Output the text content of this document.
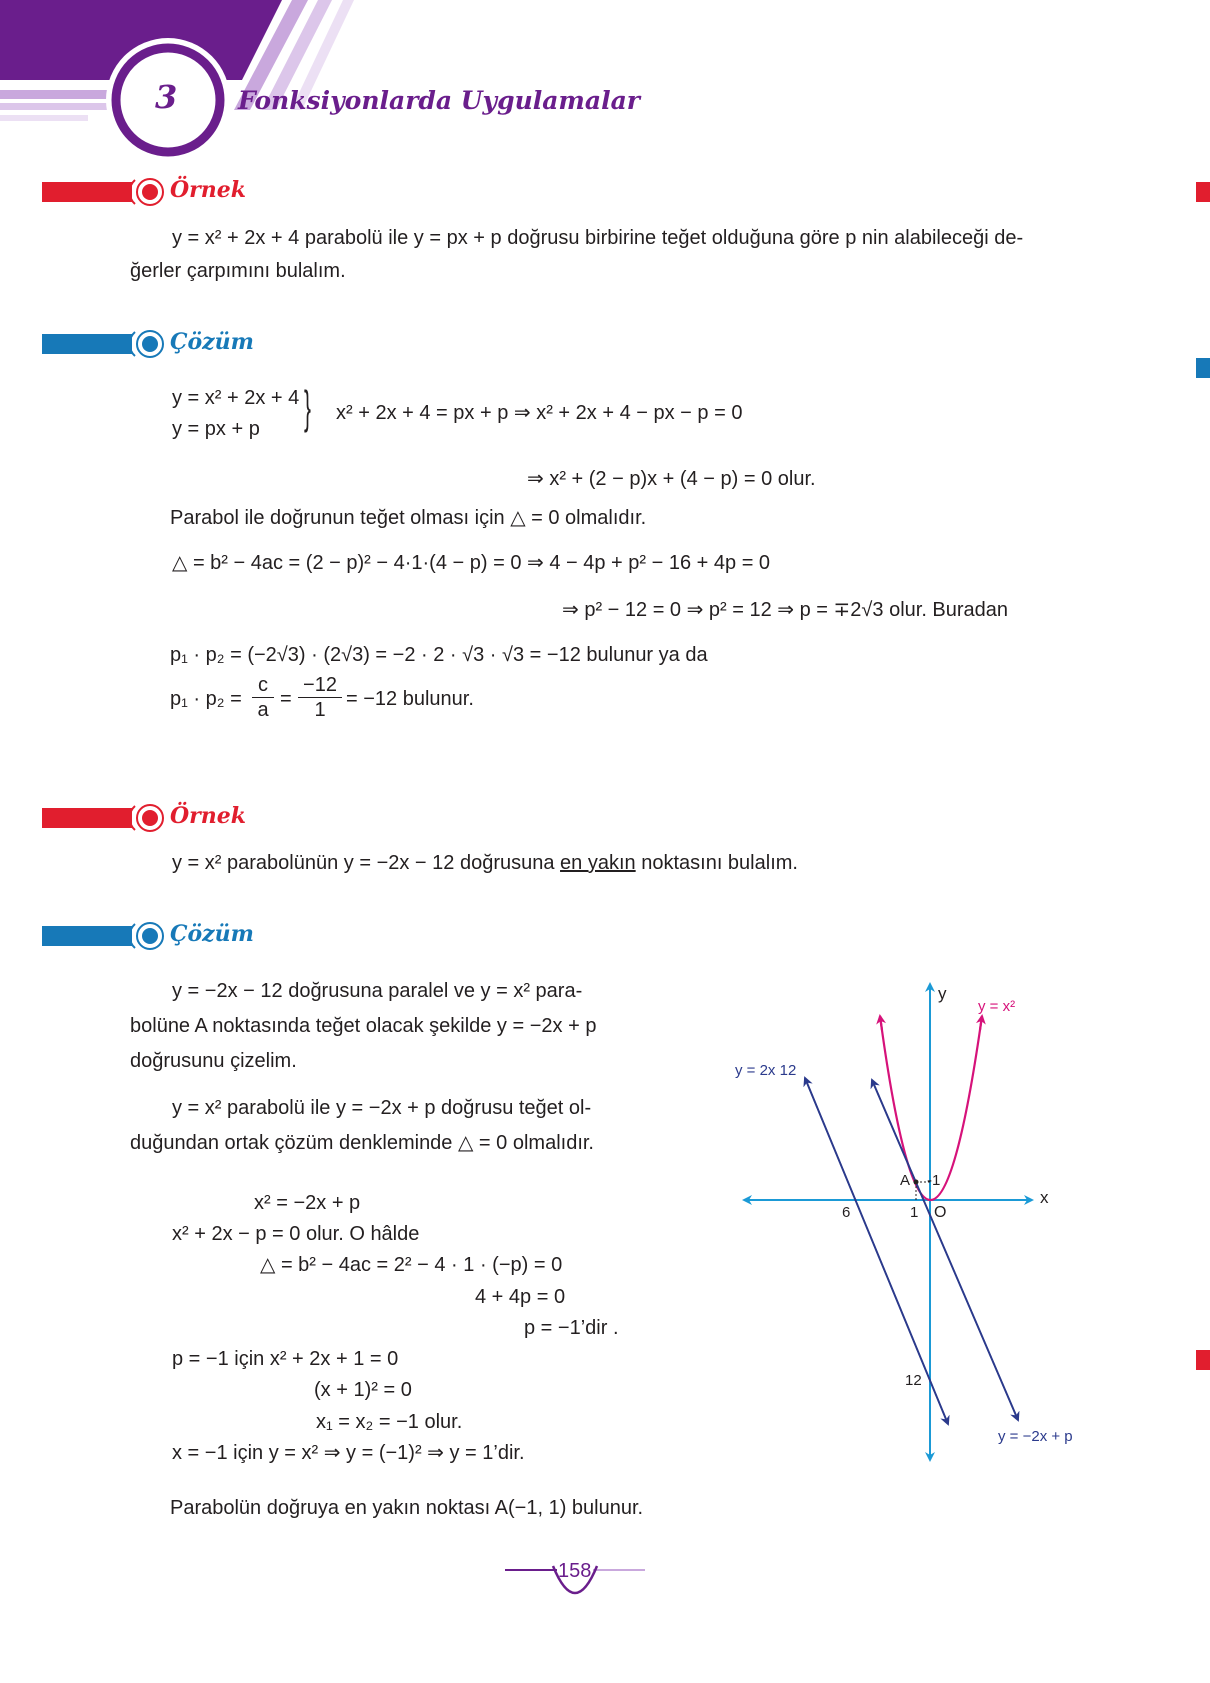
3 Fonksiyonlarda Uygulamalar
Örnek
y = x² + 2x + 4 parabolü ile y = px + p doğrusu birbirine teğet olduğuna göre p nin alabileceği de-
ğerler çarpımını bulalım.
Çözüm
y = x² + 2x + 4
y = px + p } x² + 2x + 4 = px + p ⇒ x² + 2x + 4 − px − p = 0
⇒ x² + (2 − p)x + (4 − p) = 0 olur.
Parabol ile doğrunun teğet olması için △ = 0 olmalıdır.
△ = b² − 4ac = (2 − p)² − 4·1·(4 − p) = 0 ⇒ 4 − 4p + p² − 16 + 4p = 0
⇒ p² − 12 = 0 ⇒ p² = 12 ⇒ p = ∓2√3 olur. Buradan
p₁ · p₂ = (−2√3) · (2√3) = −2 · 2 · √3 · √3 = −12 bulunur ya da
$p_1 \cdot p_2 = \frac{c}{a} = \frac{-12}{1} = -12$ bulunur.
Örnek
y = x² parabolünün y = −2x − 12 doğrusuna en yakın noktasını bulalım.
Çözüm
y = −2x − 12 doğrusuna paralel ve y = x² para-
bolüne A noktasında teğet olacak şekilde y = −2x + p
doğrusunu çizelim.
y = x² parabolü ile y = −2x + p doğrusu teğet ol-
duğundan ortak çözüm denkleminde △ = 0 olmalıdır.
x² = −2x + p
x² + 2x − p = 0 olur. O hâlde
△ = b² − 4ac = 2² − 4 · 1 · (−p) = 0
4 + 4p = 0
p = −1’dir .
p = −1 için x² + 2x + 1 = 0
(x + 1)² = 0
x₁ = x₂ = −1 olur.
x = −1 için y = x² ⇒ y = (−1)² ⇒ y = 1’dir.
Parabolün doğruya en yakın noktası A(−1, 1) bulunur.
y
x
y = x²
y = 2x 12
y = −2x + p
A -1
1 O
6
12
158
